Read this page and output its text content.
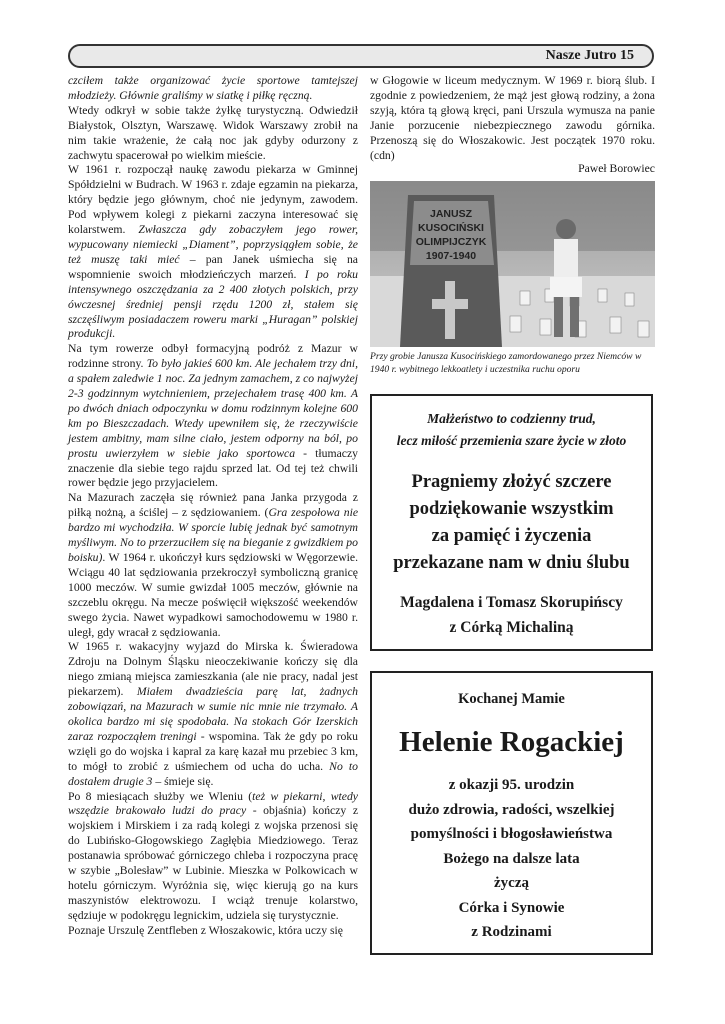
Nasze Jutro 15

czciłem także organizować życie sportowe tamtejszej młodzieży. Głównie graliśmy w siatkę i piłkę ręczną.

Wtedy odkrył w sobie także żyłkę turystyczną. Odwiedził Białystok, Olsztyn, Warszawę. Widok Warszawy zrobił na nim takie wrażenie, że całą noc jak gdyby odurzony z zachwytu spacerował po wielkim mieście.

W 1961 r. rozpoczął naukę zawodu piekarza w Gminnej Spółdzielni w Budrach. W 1963 r. zdaje egzamin na piekarza, który będzie jego głównym, choć nie jedynym, zawodem. Pod wpływem kolegi z piekarni zaczyna interesować się kolarstwem. Zwłaszcza gdy zobaczyłem jego rower, wypucowany niemiecki „Diament”, poprzysiągłem sobie, że też muszę taki mieć – pan Janek uśmiecha się na wspomnienie swoich młodzieńczych marzeń. I po roku intensywnego oszczędzania za 2 400 złotych polskich, przy ówczesnej średniej pensji rzędu 1200 zł, stałem się szczęśliwym posiadaczem roweru marki „Huragan” polskiej produkcji.

Na tym rowerze odbył formacyjną podróż z Mazur w rodzinne strony. To było jakieś 600 km. Ale jechałem trzy dni, a spałem zaledwie 1 noc. Za jednym zamachem, z co najwyżej 2-3 godzinnym wytchnieniem, przejechałem trasę 400 km. A po dwóch dniach odpoczynku w domu rodzinnym kolejne 600 km po Bieszczadach. Wtedy upewniłem się, że rzeczywiście jestem ambitny, mam silne ciało, jestem odporny na ból, po prostu uwierzyłem w siebie jako sportowca - tłumaczy znaczenie dla siebie tego rajdu sprzed lat. Od tej też chwili rower będzie jego przyjacielem.

Na Mazurach zaczęła się również pana Janka przygoda z piłką nożną, a ściślej – z sędziowaniem. (Gra zespołowa nie bardzo mi wychodziła. W sporcie lubię jednak być samotnym myśliwym. No to przerzuciłem się na bieganie z gwizdkiem po boisku). W 1964 r. ukończył kurs sędziowski w Węgorzewie. Wciągu 40 lat sędziowania przekroczył symboliczną granicę 1000 meczów. W sumie gwizdał 1005 meczów, głównie na szczeblu okręgu. Na mecze poświęcił większość weekendów swego życia. Nawet wypadkowi samochodowemu w 1980 r. uległ, gdy wracał z sędziowania.

W 1965 r. wakacyjny wyjazd do Mirska k. Świeradowa Zdroju na Dolnym Śląsku nieoczekiwanie kończy się dla niego zmianą miejsca zamieszkania (ale nie pracy, nadal jest piekarzem). Miałem dwadzieścia parę lat, żadnych zobowiązań, na Mazurach w sumie nic mnie nie trzymało. A okolica bardzo mi się spodobała. Na stokach Gór Izerskich zaraz rozpocząłem treningi - wspomina. Tak że gdy po roku wzięli go do wojska i kapral za karę kazał mu przebiec 3 km, to mógł to zrobić z uśmiechem od ucha do ucha. No to dostałem drugie 3 – śmieje się.

Po 8 miesiącach służby we Wleniu (też w piekarni, wtedy wszędzie brakowało ludzi do pracy - objaśnia) kończy z wojskiem i Mirskiem i za radą kolegi z wojska przenosi się do Lubińsko-Głogowskiego Zagłębia Miedziowego. Teraz postanawia spróbować górniczego chleba i rozpoczyna pracę w szybie „Bolesław” w Lubinie. Mieszka w Polkowicach w hotelu górniczym. Wyróżnia się, więc kierują go na kurs maszynistów elektrowozu. I wciąż trenuje kolarstwo, sędziuje w podokręgu legnickim, udziela się turystycznie.

Poznaje Urszulę Zentfleben z Włoszakowic, która uczy się

w Głogowie w liceum medycznym. W 1969 r. biorą ślub. I zgodnie z powiedzeniem, że mąż jest głową rodziny, a żona szyją, która tą głową kręci, pani Urszula wymusza na panie Janie porzucenie niebezpiecznego zawodu górnika. Przenoszą się do Włoszakowic. Jest początek 1970 roku. (cdn)

Paweł Borowiec
JANUSZ
KUSOCIŃSKI
OLIMPIJCZYK
1907-1940
Przy grobie Janusza Kusocińskiego zamordowanego przez Niemców w 1940 r. wybitnego lekkoatlety i uczestnika ruchu oporu
Małżeństwo to codzienny trud,
lecz miłość przemienia szare życie w złoto
Pragniemy złożyć szczere
podziękowanie wszystkim
za pamięć i życzenia
przekazane nam w dniu ślubu
Magdalena i Tomasz Skorupińscy
z Córką Michaliną
Kochanej Mamie
Helenie Rogackiej
z okazji 95. urodzin
dużo zdrowia, radości, wszelkiej
pomyślności i błogosławieństwa
Bożego na dalsze lata
życzą
Córka i Synowie
z Rodzinami
